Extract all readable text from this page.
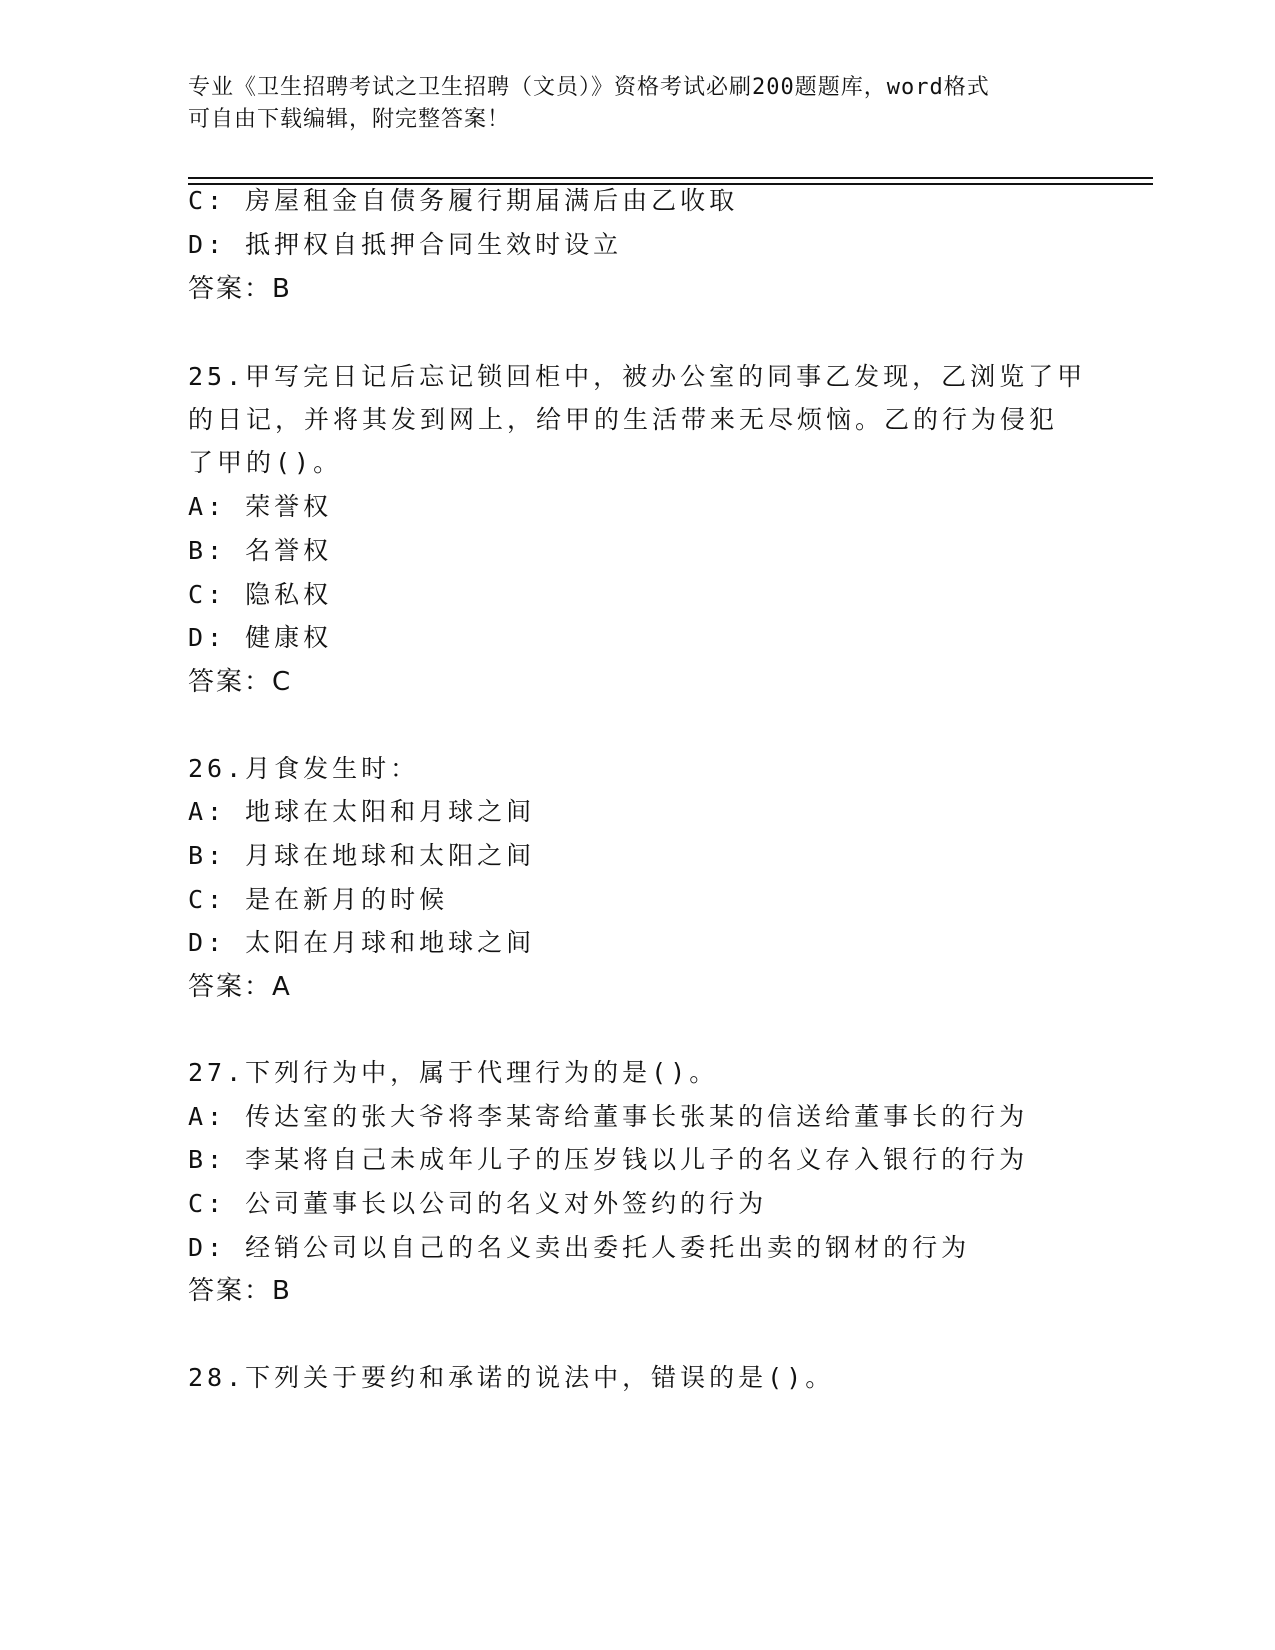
专业《卫生招聘考试之卫生招聘（文员）》资格考试必刷200题题库，word格式
可自由下载编辑，附完整答案！
C: 房屋租金自债务履行期届满后由乙收取
D: 抵押权自抵押合同生效时设立
答案：B
25.甲写完日记后忘记锁回柜中，被办公室的同事乙发现，乙浏览了甲
的日记，并将其发到网上，给甲的生活带来无尽烦恼。乙的行为侵犯
了甲的()。
A: 荣誉权
B: 名誉权
C: 隐私权
D: 健康权
答案：C
26.月食发生时：
A: 地球在太阳和月球之间
B: 月球在地球和太阳之间
C: 是在新月的时候
D: 太阳在月球和地球之间
答案：A
27.下列行为中，属于代理行为的是()。
A: 传达室的张大爷将李某寄给董事长张某的信送给董事长的行为
B: 李某将自己未成年儿子的压岁钱以儿子的名义存入银行的行为
C: 公司董事长以公司的名义对外签约的行为
D: 经销公司以自己的名义卖出委托人委托出卖的钢材的行为
答案：B
28.下列关于要约和承诺的说法中，错误的是()。
